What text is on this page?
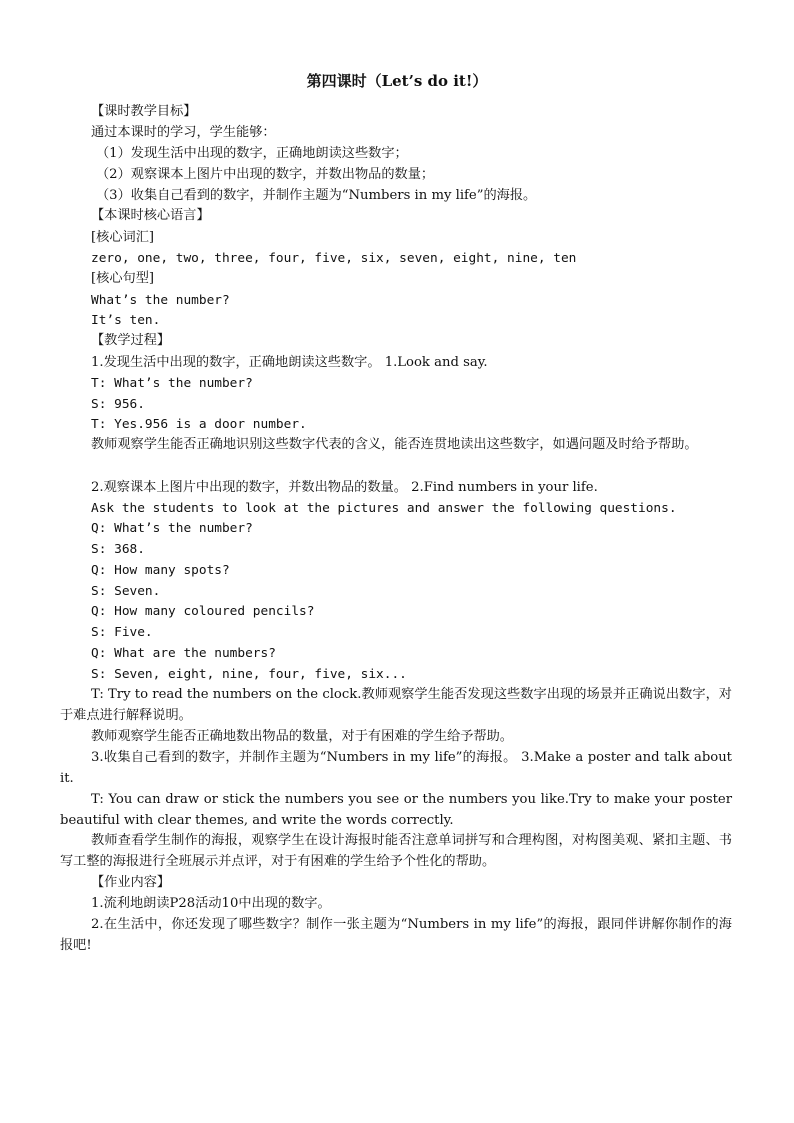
第四课时（Let’s do it!）
【课时教学目标】
通过本课时的学习，学生能够：
（1）发现生活中出现的数字，正确地朗读这些数字；
（2）观察课本上图片中出现的数字，并数出物品的数量；
（3）收集自己看到的数字，并制作主题为“Numbers in my life”的海报。
【本课时核心语言】
[核心词汇]
zero, one, two, three, four, five, six, seven, eight, nine, ten
[核心句型]
What’s the number?
It’s ten.
【教学过程】
1.发现生活中出现的数字，正确地朗读这些数字。 1.Look and say.
T: What’s the number?
S: 956.
T: Yes.956 is a door number.
教师观察学生能否正确地识别这些数字代表的含义，能否连贯地读出这些数字，如遇问题及时给予帮助。
2.观察课本上图片中出现的数字，并数出物品的数量。 2.Find numbers in your life.
Ask the students to look at the pictures and answer the following questions.
Q: What’s the number?
S: 368.
Q: How many spots?
S: Seven.
Q: How many coloured pencils?
S: Five.
Q: What are the numbers?
S: Seven, eight, nine, four, five, six...
T: Try to read the numbers on the clock.教师观察学生能否发现这些数字出现的场景并正确说出数字，对于难点进行解释说明。
教师观察学生能否正确地数出物品的数量，对于有困难的学生给予帮助。
3.收集自己看到的数字，并制作主题为“Numbers in my life”的海报。 3.Make a poster and talk about it.
T: You can draw or stick the numbers you see or the numbers you like.Try to make your poster beautiful with clear themes, and write the words correctly.
教师查看学生制作的海报，观察学生在设计海报时能否注意单词拼写和合理构图，对构图美观、紧扣主题、书写工整的海报进行全班展示并点评，对于有困难的学生给予个性化的帮助。
【作业内容】
1.流利地朗读P28活动10中出现的数字。
2.在生活中，你还发现了哪些数字？制作一张主题为“Numbers in my life”的海报，跟同伴讲解你制作的海报吧!
